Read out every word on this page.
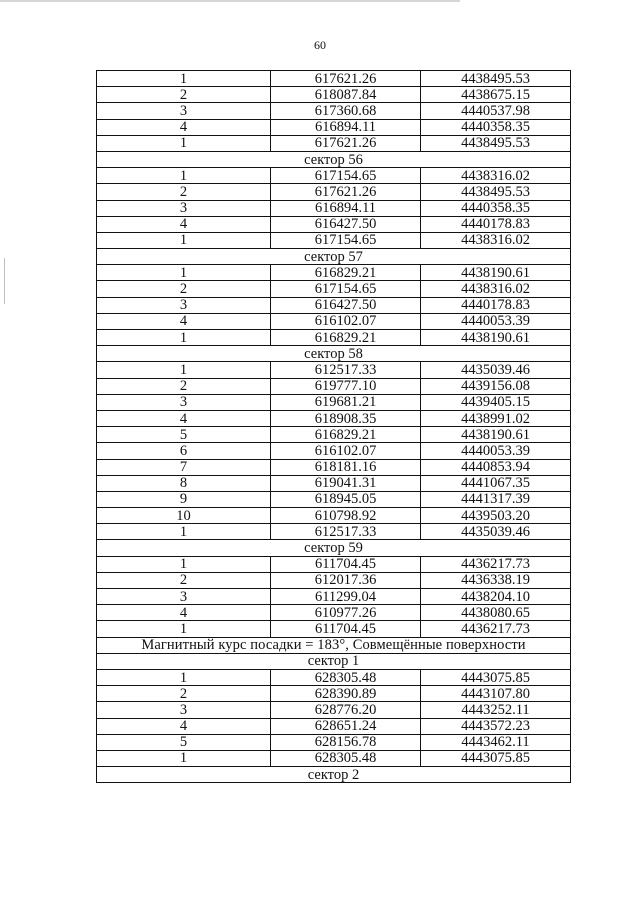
60
1	617621.26	4438495.53
2	618087.84	4438675.15
3	617360.68	4440537.98
4	616894.11	4440358.35
1	617621.26	4438495.53
сектор 56		
1	617154.65	4438316.02
2	617621.26	4438495.53
3	616894.11	4440358.35
4	616427.50	4440178.83
1	617154.65	4438316.02
сектор 57		
1	616829.21	4438190.61
2	617154.65	4438316.02
3	616427.50	4440178.83
4	616102.07	4440053.39
1	616829.21	4438190.61
сектор 58		
1	612517.33	4435039.46
2	619777.10	4439156.08
3	619681.21	4439405.15
4	618908.35	4438991.02
5	616829.21	4438190.61
6	616102.07	4440053.39
7	618181.16	4440853.94
8	619041.31	4441067.35
9	618945.05	4441317.39
10	610798.92	4439503.20
1	612517.33	4435039.46
сектор 59		
1	611704.45	4436217.73
2	612017.36	4436338.19
3	611299.04	4438204.10
4	610977.26	4438080.65
1	611704.45	4436217.73
Магнитный курс посадки = 183°, Совмещённые поверхности		
сектор 1		
1	628305.48	4443075.85
2	628390.89	4443107.80
3	628776.20	4443252.11
4	628651.24	4443572.23
5	628156.78	4443462.11
1	628305.48	4443075.85
сектор 2		
